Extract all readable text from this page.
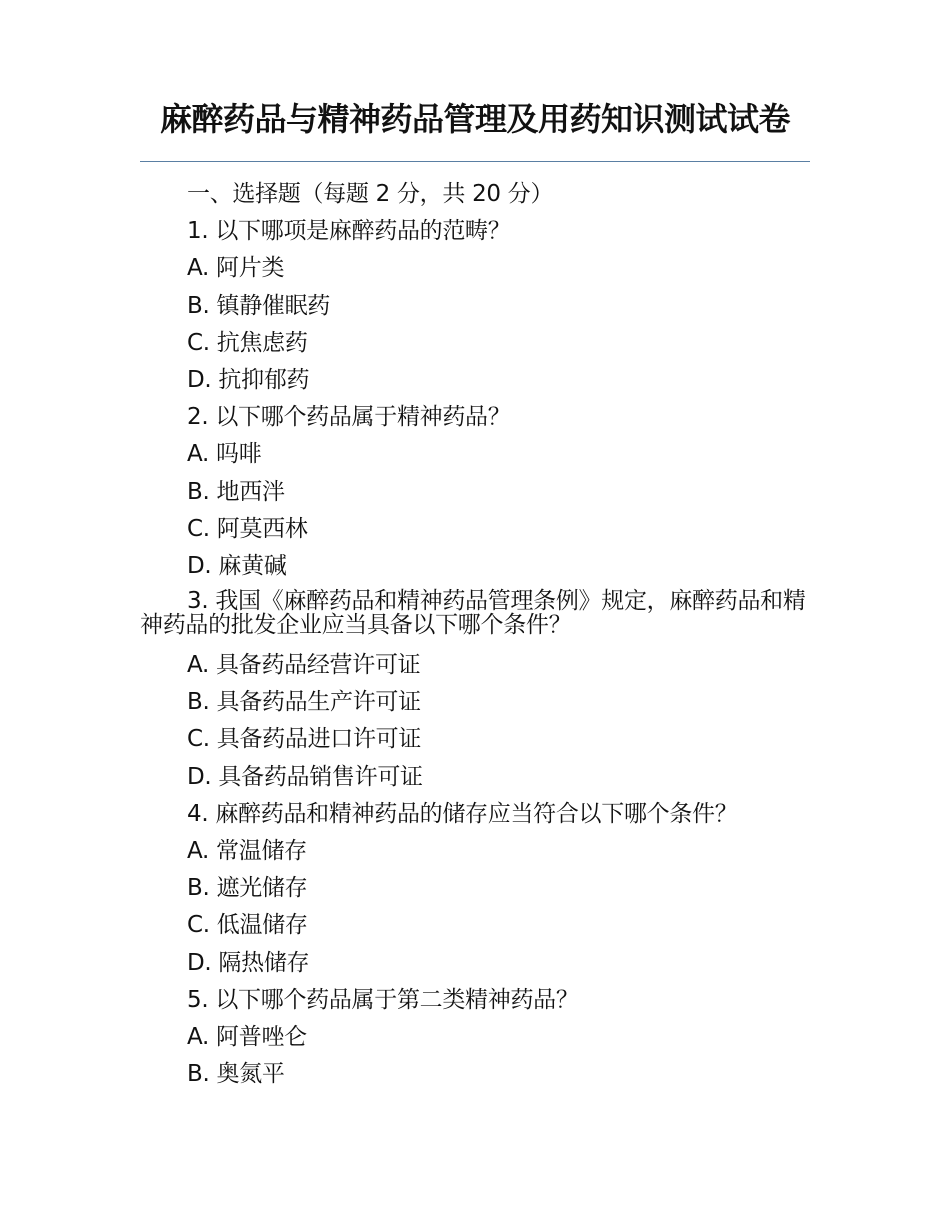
麻醉药品与精神药品管理及用药知识测试试卷
一、选择题（每题 2 分，共 20 分）
1. 以下哪项是麻醉药品的范畴？
A. 阿片类
B. 镇静催眠药
C. 抗焦虑药
D. 抗抑郁药
2. 以下哪个药品属于精神药品？
A. 吗啡
B. 地西泮
C. 阿莫西林
D. 麻黄碱
3. 我国《麻醉药品和精神药品管理条例》规定，麻醉药品和精神药品的批发企业应当具备以下哪个条件？
A. 具备药品经营许可证
B. 具备药品生产许可证
C. 具备药品进口许可证
D. 具备药品销售许可证
4. 麻醉药品和精神药品的储存应当符合以下哪个条件？
A. 常温储存
B. 遮光储存
C. 低温储存
D. 隔热储存
5. 以下哪个药品属于第二类精神药品？
A. 阿普唑仑
B. 奥氮平
